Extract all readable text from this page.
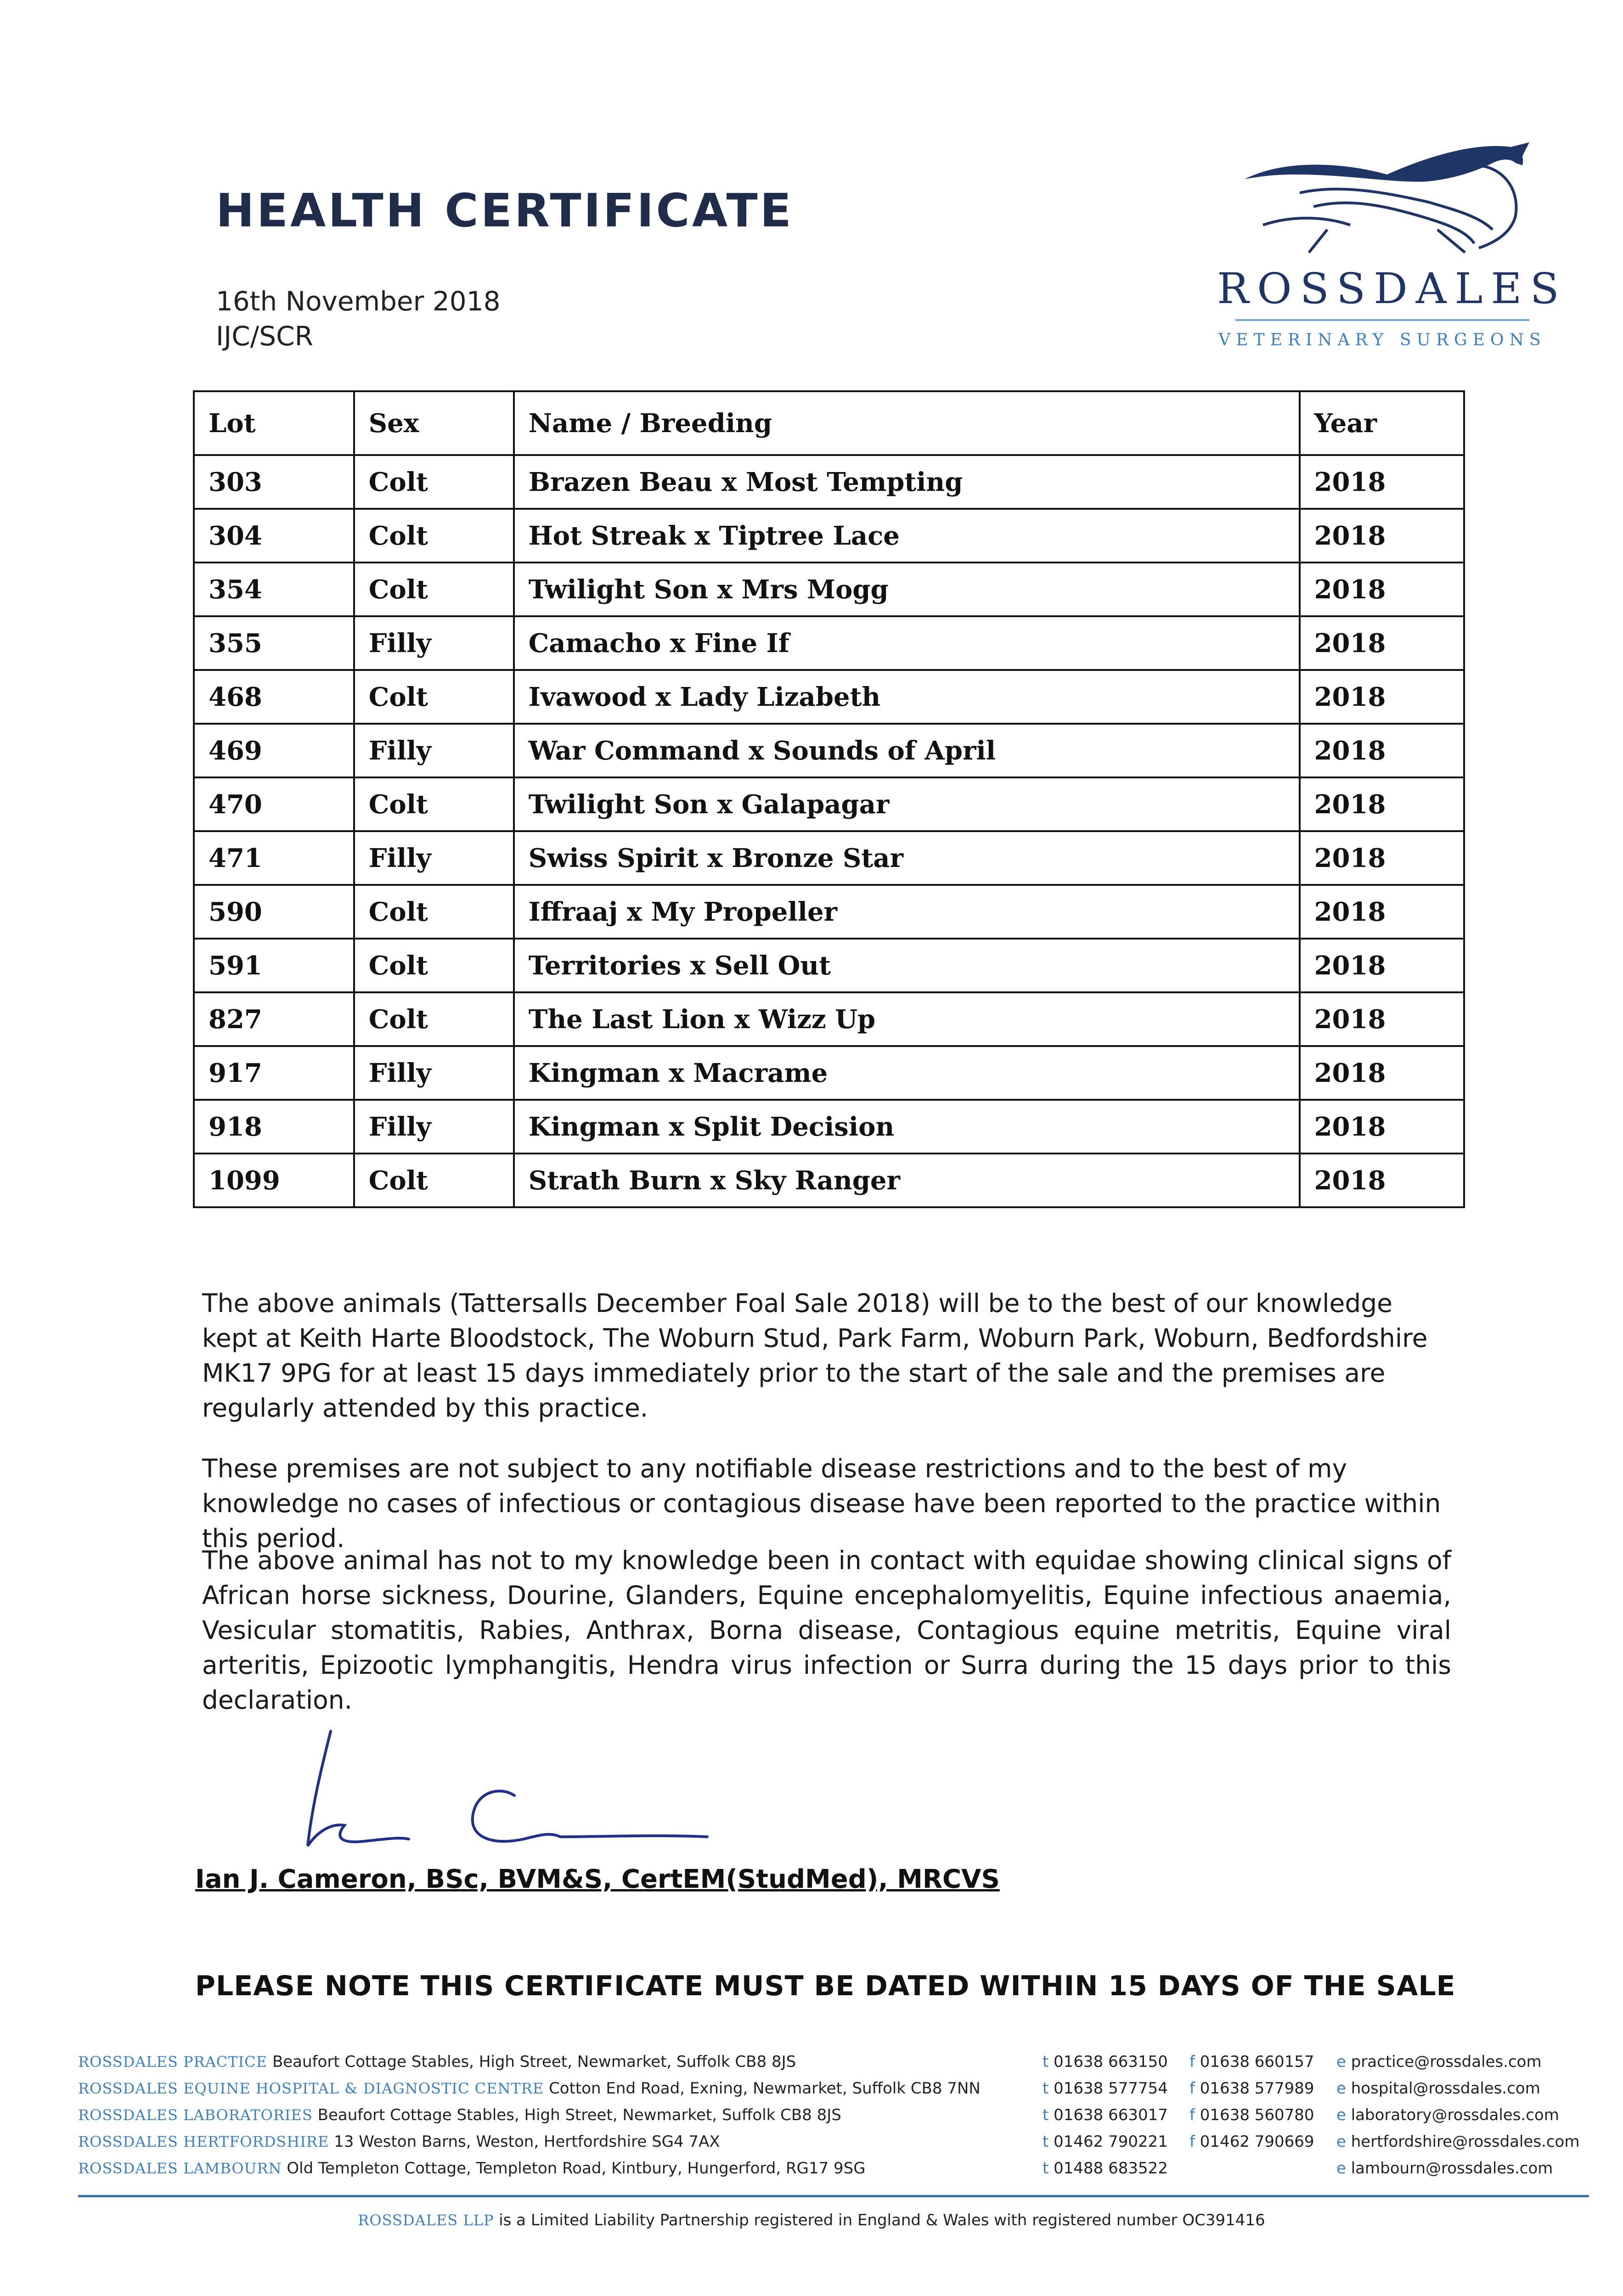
HEALTH CERTIFICATE
16th November 2018
IJC/SCR
ROSSDALES
VETERINARY SURGEONS
Lot	Sex	Name / Breeding	Year
303	Colt	Brazen Beau x Most Tempting	2018
304	Colt	Hot Streak x Tiptree Lace	2018
354	Colt	Twilight Son x Mrs Mogg	2018
355	Filly	Camacho x Fine If	2018
468	Colt	Ivawood x Lady Lizabeth	2018
469	Filly	War Command x Sounds of April	2018
470	Colt	Twilight Son x Galapagar	2018
471	Filly	Swiss Spirit x Bronze Star	2018
590	Colt	Iffraaj x My Propeller	2018
591	Colt	Territories x Sell Out	2018
827	Colt	The Last Lion x Wizz Up	2018
917	Filly	Kingman x Macrame	2018
918	Filly	Kingman x Split Decision	2018
1099	Colt	Strath Burn x Sky Ranger	2018

The above animals (Tattersalls December Foal Sale 2018) will be to the best of our knowledge kept at Keith Harte Bloodstock, The Woburn Stud, Park Farm, Woburn Park, Woburn, Bedfordshire MK17 9PG for at least 15 days immediately prior to the start of the sale and the premises are regularly attended by this practice.

These premises are not subject to any notifiable disease restrictions and to the best of my knowledge no cases of infectious or contagious disease have been reported to the practice within this period.

The above animal has not to my knowledge been in contact with equidae showing clinical signs of African horse sickness, Dourine, Glanders, Equine encephalomyelitis, Equine infectious anaemia, Vesicular stomatitis, Rabies, Anthrax, Borna disease, Contagious equine metritis, Equine viral arteritis, Epizootic lymphangitis, Hendra virus infection or Surra during the 15 days prior to this declaration.

Ian J. Cameron, BSc, BVM&S, CertEM(StudMed), MRCVS
PLEASE NOTE THIS CERTIFICATE MUST BE DATED WITHIN 15 DAYS OF THE SALE
ROSSDALES PRACTICE Beaufort Cottage Stables, High Street, Newmarket, Suffolk CB8 8JS	t 01638 663150 f 01638 660157 e practice@rossdales.com
ROSSDALES EQUINE HOSPITAL & DIAGNOSTIC CENTRE Cotton End Road, Exning, Newmarket, Suffolk CB8 7NN	t 01638 577754 f 01638 577989 e hospital@rossdales.com
ROSSDALES LABORATORIES Beaufort Cottage Stables, High Street, Newmarket, Suffolk CB8 8JS	t 01638 663017 f 01638 560780 e laboratory@rossdales.com
ROSSDALES HERTFORDSHIRE 13 Weston Barns, Weston, Hertfordshire SG4 7AX	t 01462 790221 f 01462 790669 e hertfordshire@rossdales.com
ROSSDALES LAMBOURN Old Templeton Cottage, Templeton Road, Kintbury, Hungerford, RG17 9SG	t 01488 683522	e lambourn@rossdales.com
ROSSDALES LLP is a Limited Liability Partnership registered in England & Wales with registered number OC391416
